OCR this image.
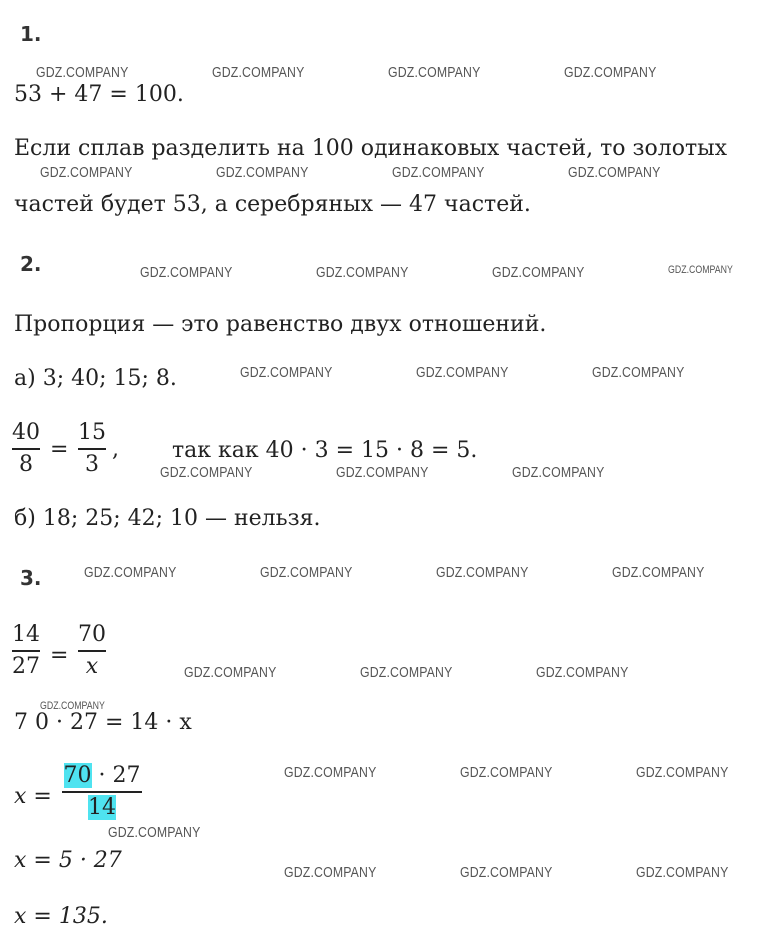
1.
53 + 47 = 100.
Если сплав разделить на 100 одинаковых частей, то золотых
частей будет 53, а серебряных — 47 частей.
2.
Пропорция — это равенство двух отношений.
а) 3; 40; 15; 8.
40
8
=
15
3
, так как 40 · 3 = 15 · 8 = 5.
б) 18; 25; 42; 10 — нельзя.
3.
14
27 =
70
x
7 0 · 27 = 14 · x
x =
70 · 27
14
x = 5 · 27
x = 135.
GDZ.COMPANY	GDZ.COMPANY	GDZ.COMPANY	GDZ.COMPANY
GDZ.COMPANY	GDZ.COMPANY	GDZ.COMPANY	GDZ.COMPANY
GDZ.COMPANY	GDZ.COMPANY	GDZ.COMPANY	GDZ.COMPANY
GDZ.COMPANY	GDZ.COMPANY	GDZ.COMPANY
GDZ.COMPANY	GDZ.COMPANY	GDZ.COMPANY
GDZ.COMPANY	GDZ.COMPANY	GDZ.COMPANY	GDZ.COMPANY
GDZ.COMPANY	GDZ.COMPANY	GDZ.COMPANY
GDZ.COMPANY
GDZ.COMPANY	GDZ.COMPANY	GDZ.COMPANY
GDZ.COMPANY
GDZ.COMPANY	GDZ.COMPANY	GDZ.COMPANY
